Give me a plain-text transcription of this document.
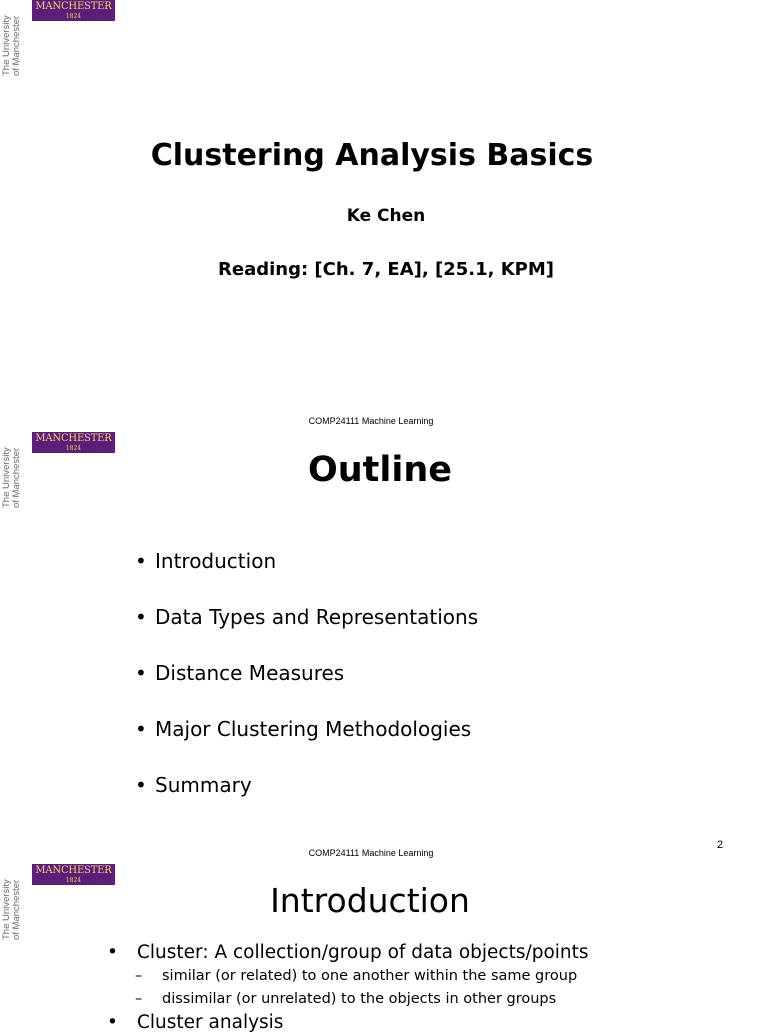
MANCHESTER
1824
The University of Manchester
Clustering Analysis Basics
Ke Chen
Reading: [Ch. 7, EA], [25.1, KPM]
COMP24111 Machine Learning
MANCHESTER
1824
The University of Manchester	Outline
• Introduction
• Data Types and Representations
• Distance Measures
• Major Clustering Methodologies
• Summary
2
COMP24111 Machine Learning
MANCHESTER
1824
The University of Manchester	Introduction
• Cluster: A collection/group of data objects/points
– similar (or related) to one another within the same group
– dissimilar (or unrelated) to the objects in other groups
• Cluster analysis
